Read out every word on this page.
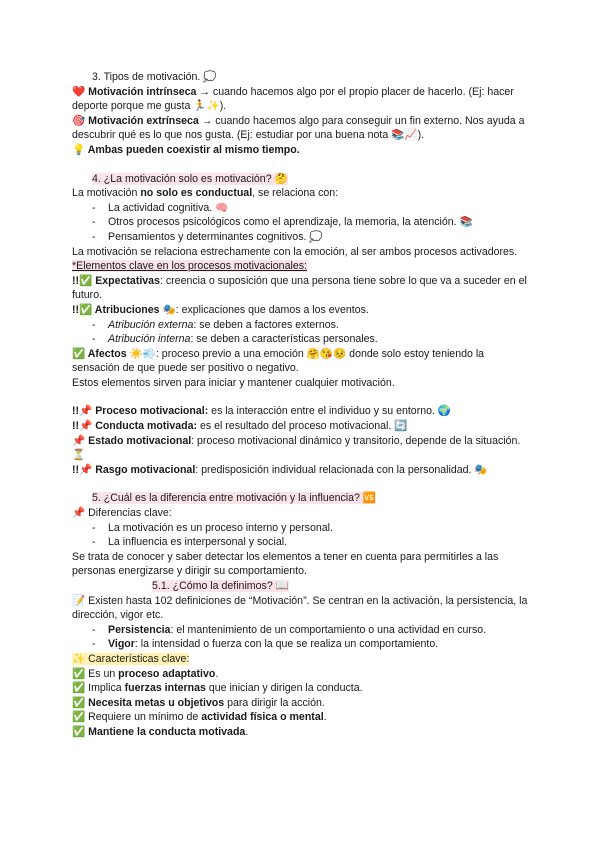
3. Tipos de motivación. 💭
❤️ Motivación intrínseca → cuando hacemos algo por el propio placer de hacerlo. (Ej: hacer deporte porque me gusta 🏃✨).
🎯 Motivación extrínseca → cuando hacemos algo para conseguir un fin externo. Nos ayuda a descubrir qué es lo que nos gusta. (Ej: estudiar por una buena nota 📚📈).
💡 Ambas pueden coexistir al mismo tiempo.
4. ¿La motivación solo es motivación? 🤔
La motivación no solo es conductual, se relaciona con:
- La actividad cognitiva. 🧠
- Otros procesos psicológicos como el aprendizaje, la memoria, la atención. 📚
- Pensamientos y determinantes cognitivos. 💭
La motivación se relaciona estrechamente con la emoción, al ser ambos procesos activadores.
*Elementos clave en los procesos motivacionales:
!!✅ Expectativas: creencia o suposición que una persona tiene sobre lo que va a suceder en el futuro.
!!✅ Atribuciones 🎭: explicaciones que damos a los eventos.
- Atribución externa: se deben a factores externos.
- Atribución interna: se deben a características personales.
✅ Afectos ☀️💨: proceso previo a una emoción 🤗😘😣 donde solo estoy teniendo la sensación de que puede ser positivo o negativo.
Estos elementos sirven para iniciar y mantener cualquier motivación.
!!📌 Proceso motivacional: es la interacción entre el individuo y su entorno. 🌍
!!📌 Conducta motivada: es el resultado del proceso motivacional. 🔄
📌 Estado motivacional: proceso motivacional dinámico y transitorio, depende de la situación. ⏳
!!📌 Rasgo motivacional: predisposición individual relacionada con la personalidad. 🎭
5. ¿Cuál es la diferencia entre motivación y la influencia? 🆚
📌 Diferencias clave:
- La motivación es un proceso interno y personal.
- La influencia es interpersonal y social.
Se trata de conocer y saber detectar los elementos a tener en cuenta para permitirles a las personas energizarse y dirigir su comportamiento.
5.1. ¿Cómo la definimos? 📖
📝 Existen hasta 102 definiciones de “Motivación”. Se centran en la activación, la persistencia, la dirección, vigor etc.
- Persistencia: el mantenimiento de un comportamiento o una actividad en curso.
- Vigor: la intensidad o fuerza con la que se realiza un comportamiento.
✨ Características clave:
✅ Es un proceso adaptativo.
✅ Implica fuerzas internas que inician y dirigen la conducta.
✅ Necesita metas u objetivos para dirigir la acción.
✅ Requiere un mínimo de actividad física o mental.
✅ Mantiene la conducta motivada.
